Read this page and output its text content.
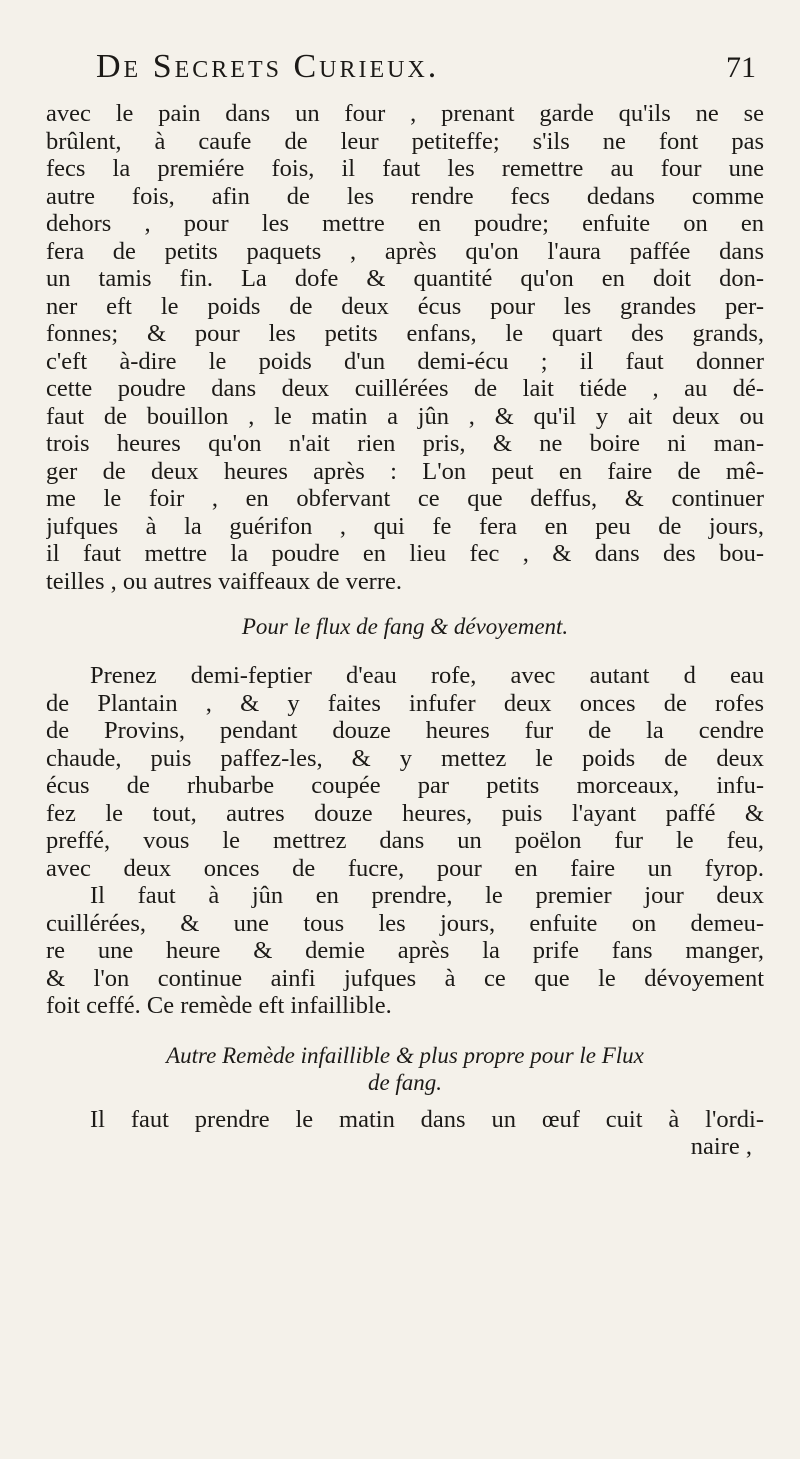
De Secrets Curieux.	71
avec le pain dans un four , prenant garde qu'ils ne se
brûlent, à caufe de leur petiteffe; s'ils ne font pas
fecs la premiére fois, il faut les remettre au four une
autre fois, afin de les rendre fecs dedans comme
dehors , pour les mettre en poudre; enfuite on en
fera de petits paquets , après qu'on l'aura paffée dans
un tamis fin. La dofe & quantité qu'on en doit don-
ner eft le poids de deux écus pour les grandes per-
fonnes; & pour les petits enfans, le quart des grands,
c'eft à-dire le poids d'un demi-écu ; il faut donner
cette poudre dans deux cuillérées de lait tiéde , au dé-
faut de bouillon , le matin a jûn , & qu'il y ait deux ou
trois heures qu'on n'ait rien pris, & ne boire ni man-
ger de deux heures après : L'on peut en faire de mê-
me le foir , en obfervant ce que deffus, & continuer
jufques à la guérifon , qui fe fera en peu de jours,
il faut mettre la poudre en lieu fec , & dans des bou-
teilles , ou autres vaiffeaux de verre.
Pour le flux de fang & dévoyement.
Prenez demi-feptier d'eau rofe, avec autant d eau
de Plantain , & y faites infufer deux onces de rofes
de Provins, pendant douze heures fur de la cendre
chaude, puis paffez-les, & y mettez le poids de deux
écus de rhubarbe coupée par petits morceaux, infu-
fez le tout, autres douze heures, puis l'ayant paffé &
preffé, vous le mettrez dans un poëlon fur le feu,
avec deux onces de fucre, pour en faire un fyrop.
Il faut à jûn en prendre, le premier jour deux
cuillérées, & une tous les jours, enfuite on demeu-
re une heure & demie après la prife fans manger,
& l'on continue ainfi jufques à ce que le dévoyement
foit ceffé. Ce remède eft infaillible.
Autre Remède infaillible & plus propre pour le Flux
de fang.
Il faut prendre le matin dans un œuf cuit à l'ordi-
naire ,
